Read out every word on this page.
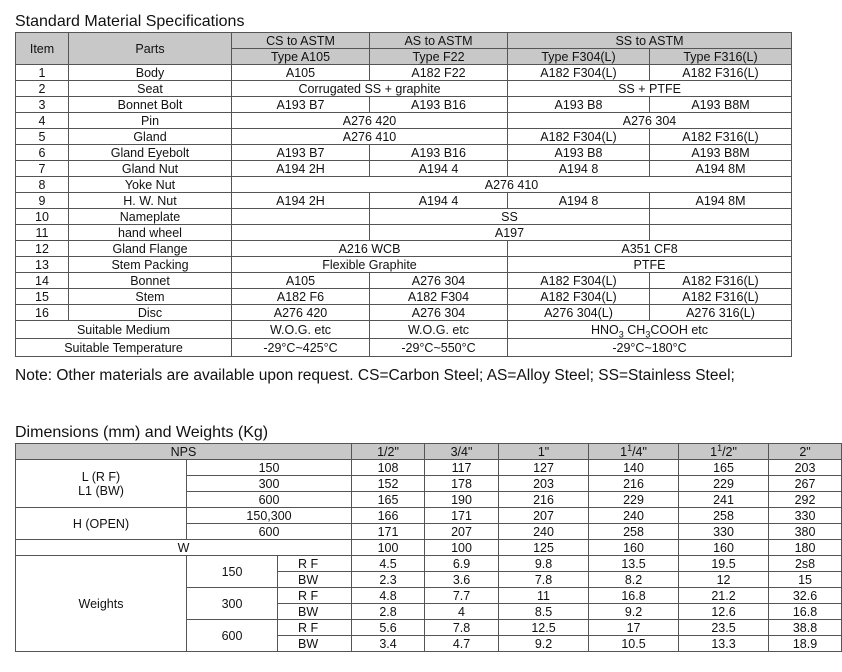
Standard Material Specifications
Item	Parts	CS to ASTM	AS to ASTM	SS to ASTM	
		Type A105	Type F22	Type F304(L)	Type F316(L)
1	Body	A105	A182 F22	A182 F304(L)	A182 F316(L)
2	Seat	Corrugated SS + graphite		SS + PTFE	
3	Bonnet Bolt	A193 B7	A193 B16	A193 B8	A193 B8M
4	Pin	A276 420		A276 304	
5	Gland	A276 410		A182 F304(L)	A182 F316(L)
6	Gland Eyebolt	A193 B7	A193 B16	A193 B8	A193 B8M
7	Gland Nut	A194 2H	A194 4	A194 8	A194 8M
8	Yoke Nut	A276 410			
9	H. W. Nut	A194 2H	A194 4	A194 8	A194 8M
10	Nameplate		SS		
11	hand wheel		A197		
12	Gland Flange	A216 WCB		A351 CF8	
13	Stem Packing	Flexible Graphite		PTFE	
14	Bonnet	A105	A276 304	A182 F304(L)	A182 F316(L)
15	Stem	A182 F6	A182 F304	A182 F304(L)	A182 F316(L)
16	Disc	A276 420	A276 304	A276 304(L)	A276 316(L)
Suitable Medium		W.O.G. etc	W.O.G. etc	$HNO_3$ $CH_3COOH$ etc	
Suitable Temperature		-29°C~425°C	-29°C~550°C	-29°C~180°C	
Note: Other materials are available upon request. CS=Carbon Steel; AS=Alloy Steel; SS=Stainless Steel;
Dimensions (mm) and Weights (Kg)
NPS			1/2"	3/4"	1"	$1^1/4$"	$1^1/2$"	2"

L (R F)
L1 (BW)	150		108	117	127	140	165	203
	300		152	178	203	216	229	267
	600		165	190	216	229	241	292
H (OPEN)	150,300		166	171	207	240	258	330
	600		171	207	240	258	330	380
W			100	100	125	160	160	180
Weights	150	R F	4.5	6.9	9.8	13.5	19.5	2s8
		BW	2.3	3.6	7.8	8.2	12	15
	300	R F	4.8	7.7	11	16.8	21.2	32.6
		BW	2.8	4	8.5	9.2	12.6	16.8
	600	R F	5.6	7.8	12.5	17	23.5	38.8
		BW	3.4	4.7	9.2	10.5	13.3	18.9
